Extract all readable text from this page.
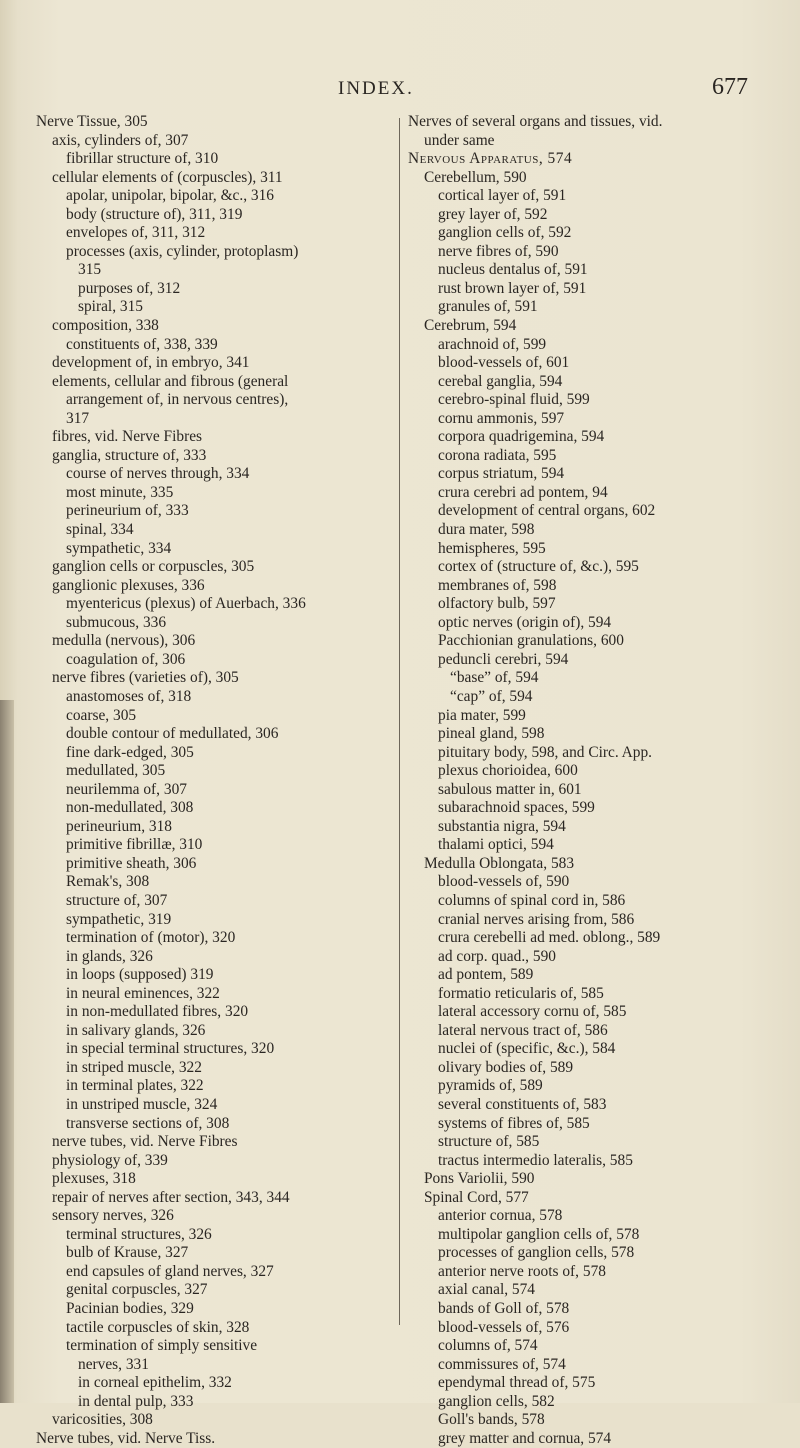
INDEX.	677
Nerve Tissue, 305
axis, cylinders of, 307
fibrillar structure of, 310
cellular elements of (corpuscles), 311
apolar, unipolar, bipolar, &c., 316
body (structure of), 311, 319
envelopes of, 311, 312
processes (axis, cylinder, protoplasm)
315
purposes of, 312
spiral, 315
composition, 338
constituents of, 338, 339
development of, in embryo, 341
elements, cellular and fibrous (general
arrangement of, in nervous centres),
317
fibres, vid. Nerve Fibres
ganglia, structure of, 333
course of nerves through, 334
most minute, 335
perineurium of, 333
spinal, 334
sympathetic, 334
ganglion cells or corpuscles, 305
ganglionic plexuses, 336
myentericus (plexus) of Auerbach, 336
submucous, 336
medulla (nervous), 306
coagulation of, 306
nerve fibres (varieties of), 305
anastomoses of, 318
coarse, 305
double contour of medullated, 306
fine dark-edged, 305
medullated, 305
neurilemma of, 307
non-medullated, 308
perineurium, 318
primitive fibrillæ, 310
primitive sheath, 306
Remak's, 308
structure of, 307
sympathetic, 319
termination of (motor), 320
in glands, 326
in loops (supposed) 319
in neural eminences, 322
in non-medullated fibres, 320
in salivary glands, 326
in special terminal structures, 320
in striped muscle, 322
in terminal plates, 322
in unstriped muscle, 324
transverse sections of, 308
nerve tubes, vid. Nerve Fibres
physiology of, 339
plexuses, 318
repair of nerves after section, 343, 344
sensory nerves, 326
terminal structures, 326
bulb of Krause, 327
end capsules of gland nerves, 327
genital corpuscles, 327
Pacinian bodies, 329
tactile corpuscles of skin, 328
termination of simply sensitive
nerves, 331
in corneal epithelim, 332
in dental pulp, 333
varicosities, 308
Nerve tubes, vid. Nerve Tiss.
Nerves of several organs and tissues, vid.
under same
Nervous Apparatus, 574
Cerebellum, 590
cortical layer of, 591
grey layer of, 592
ganglion cells of, 592
nerve fibres of, 590
nucleus dentalus of, 591
rust brown layer of, 591
granules of, 591
Cerebrum, 594
arachnoid of, 599
blood-vessels of, 601
cerebal ganglia, 594
cerebro-spinal fluid, 599
cornu ammonis, 597
corpora quadrigemina, 594
corona radiata, 595
corpus striatum, 594
crura cerebri ad pontem, 94
development of central organs, 602
dura mater, 598
hemispheres, 595
cortex of (structure of, &c.), 595
membranes of, 598
olfactory bulb, 597
optic nerves (origin of), 594
Pacchionian granulations, 600
peduncli cerebri, 594
“base” of, 594
“cap” of, 594
pia mater, 599
pineal gland, 598
pituitary body, 598, and Circ. App.
plexus chorioidea, 600
sabulous matter in, 601
subarachnoid spaces, 599
substantia nigra, 594
thalami optici, 594
Medulla Oblongata, 583
blood-vessels of, 590
columns of spinal cord in, 586
cranial nerves arising from, 586
crura cerebelli ad med. oblong., 589
ad corp. quad., 590
ad pontem, 589
formatio reticularis of, 585
lateral accessory cornu of, 585
lateral nervous tract of, 586
nuclei of (specific, &c.), 584
olivary bodies of, 589
pyramids of, 589
several constituents of, 583
systems of fibres of, 585
structure of, 585
tractus intermedio lateralis, 585
Pons Variolii, 590
Spinal Cord, 577
anterior cornua, 578
multipolar ganglion cells of, 578
processes of ganglion cells, 578
anterior nerve roots of, 578
axial canal, 574
bands of Goll of, 578
blood-vessels of, 576
columns of, 574
commissures of, 574
ependymal thread of, 575
ganglion cells, 582
Goll's bands, 578
grey matter and cornua, 574
